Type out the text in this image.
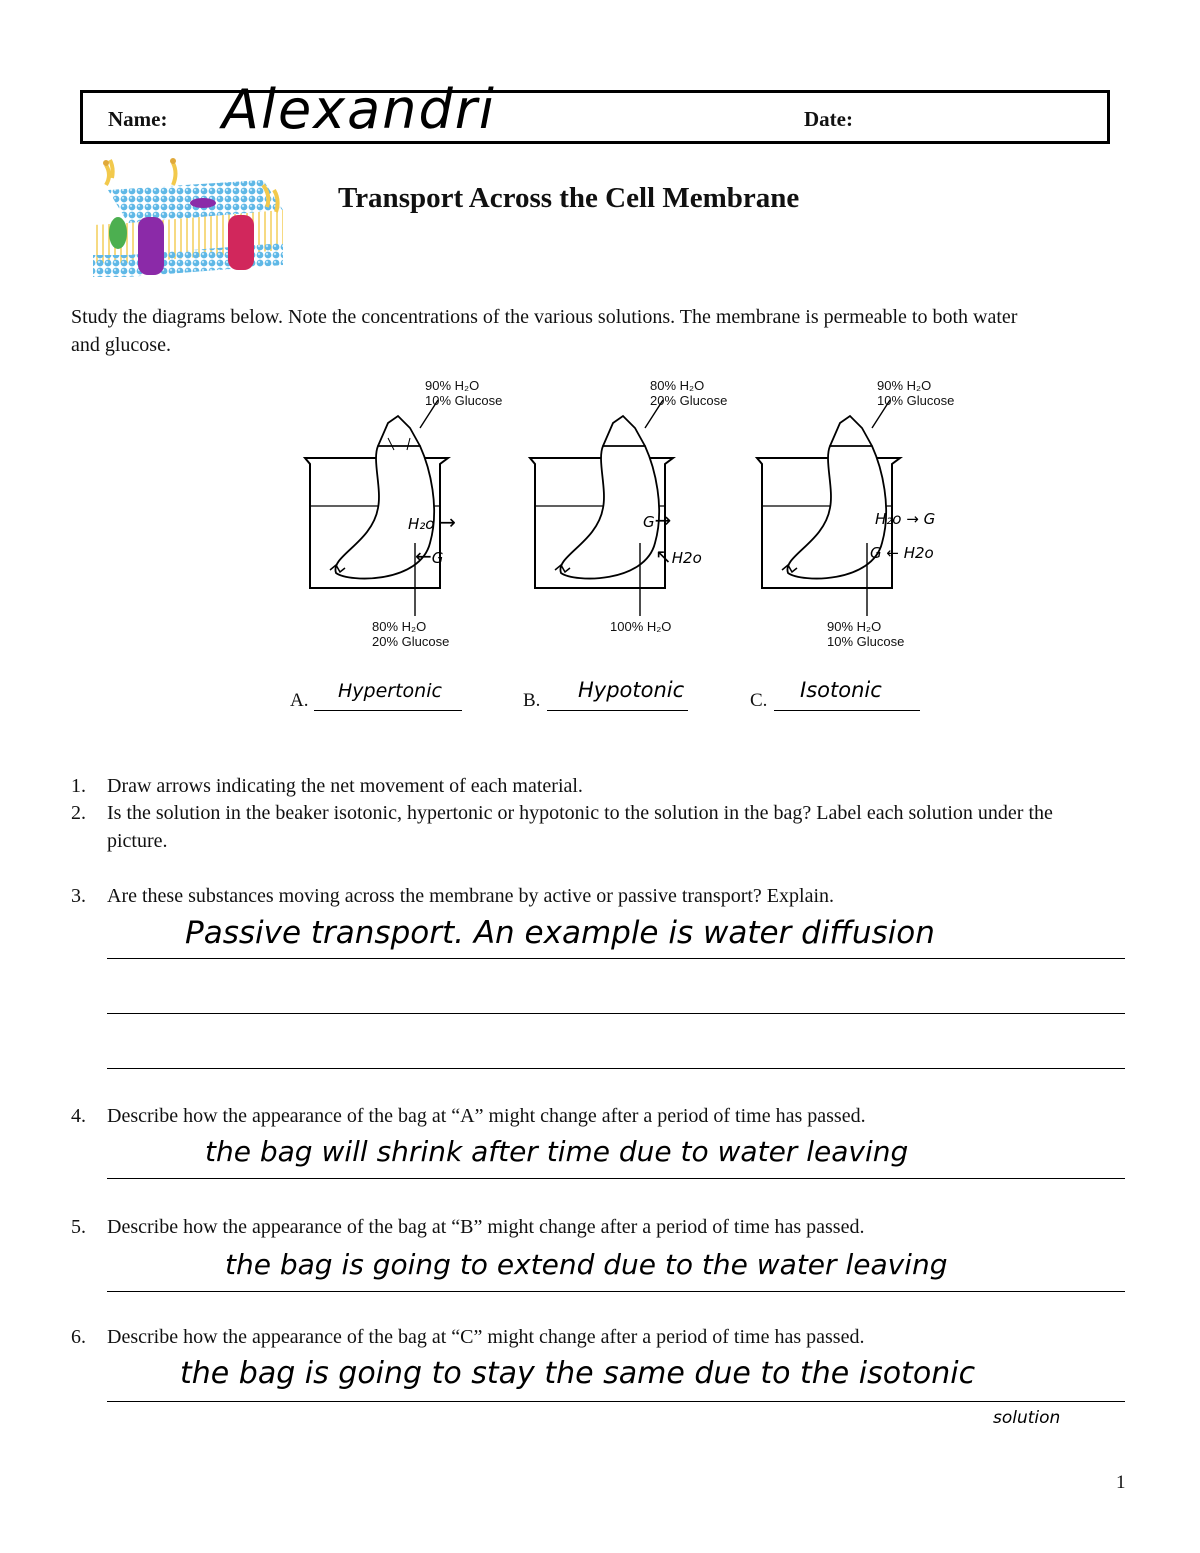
Name: Alexandri	Date:
Transport Across the Cell Membrane
Study the diagrams below. Note the concentrations of the various solutions. The membrane is permeable to both water and glucose.
90% H₂O
10% Glucose
80% H₂O
20% Glucose
80% H₂O
20% Glucose
100% H₂O
90% H₂O
10% Glucose
90% H₂O
10% Glucose
H₂o →
←G
G→
↖H2o
H₂o → G
G ← H2o
A. Hypertonic	B. Hypotonic	C. Isotonic
1. Draw arrows indicating the net movement of each material.
2. Is the solution in the beaker isotonic, hypertonic or hypotonic to the solution in the bag? Label each solution under the picture.
3. Are these substances moving across the membrane by active or passive transport? Explain.
Passive transport. An example is water diffusion
4. Describe how the appearance of the bag at “A” might change after a period of time has passed.
the bag will shrink after time due to water leaving
5. Describe how the appearance of the bag at “B” might change after a period of time has passed.
the bag is going to extend due to the water leaving
6. Describe how the appearance of the bag at “C” might change after a period of time has passed.
the bag is going to stay the same due to the isotonic
solution
1
